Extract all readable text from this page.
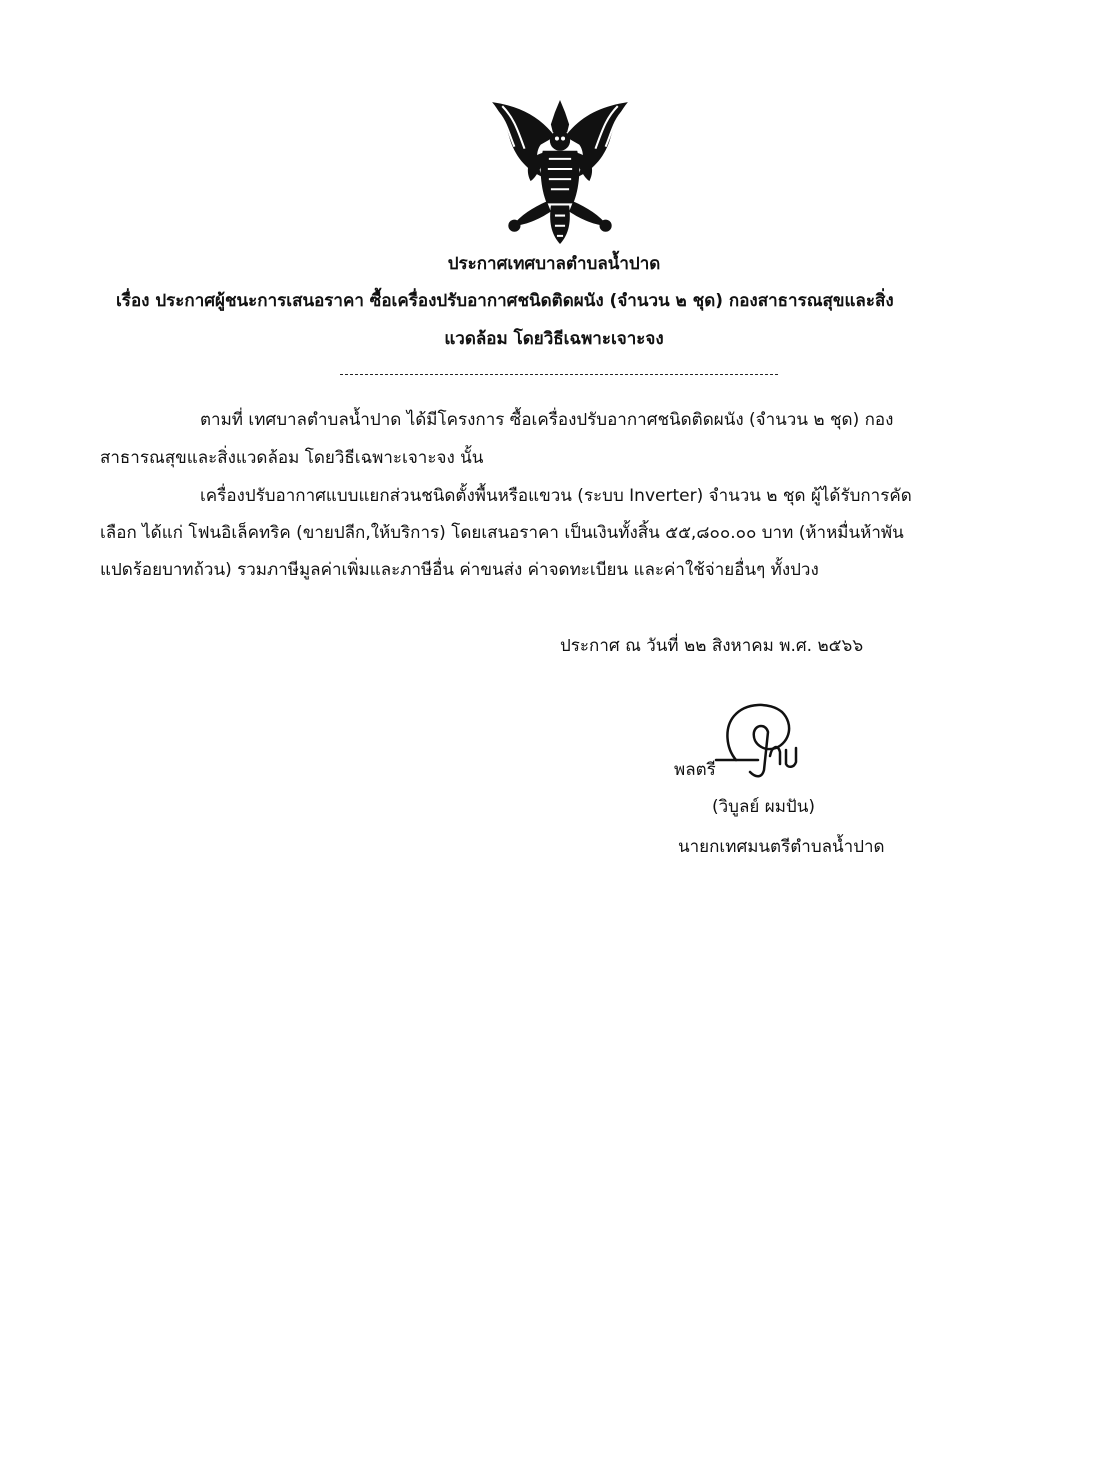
ประกาศเทศบาลตำบลน้ำปาด
เรื่อง ประกาศผู้ชนะการเสนอราคา ซื้อเครื่องปรับอากาศชนิดติดผนัง (จำนวน ๒ ชุด) กองสาธารณสุขและสิ่ง
แวดล้อม โดยวิธีเฉพาะเจาะจง
ตามที่ เทศบาลตำบลน้ำปาด ได้มีโครงการ ซื้อเครื่องปรับอากาศชนิดติดผนัง (จำนวน ๒ ชุด) กอง
สาธารณสุขและสิ่งแวดล้อม โดยวิธีเฉพาะเจาะจง นั้น
เครื่องปรับอากาศแบบแยกส่วนชนิดตั้งพื้นหรือแขวน (ระบบ Inverter) จำนวน ๒ ชุด ผู้ได้รับการคัด
เลือก ได้แก่ โฟนอิเล็คทริค (ขายปลีก,ให้บริการ) โดยเสนอราคา เป็นเงินทั้งสิ้น ๕๕,๘๐๐.๐๐ บาท (ห้าหมื่นห้าพัน
แปดร้อยบาทถ้วน) รวมภาษีมูลค่าเพิ่มและภาษีอื่น ค่าขนส่ง ค่าจดทะเบียน และค่าใช้จ่ายอื่นๆ ทั้งปวง
ประกาศ ณ วันที่ ๒๒ สิงหาคม พ.ศ. ๒๕๖๖
พลตรี
(วิบูลย์ ผมปัน)
นายกเทศมนตรีตำบลน้ำปาด
